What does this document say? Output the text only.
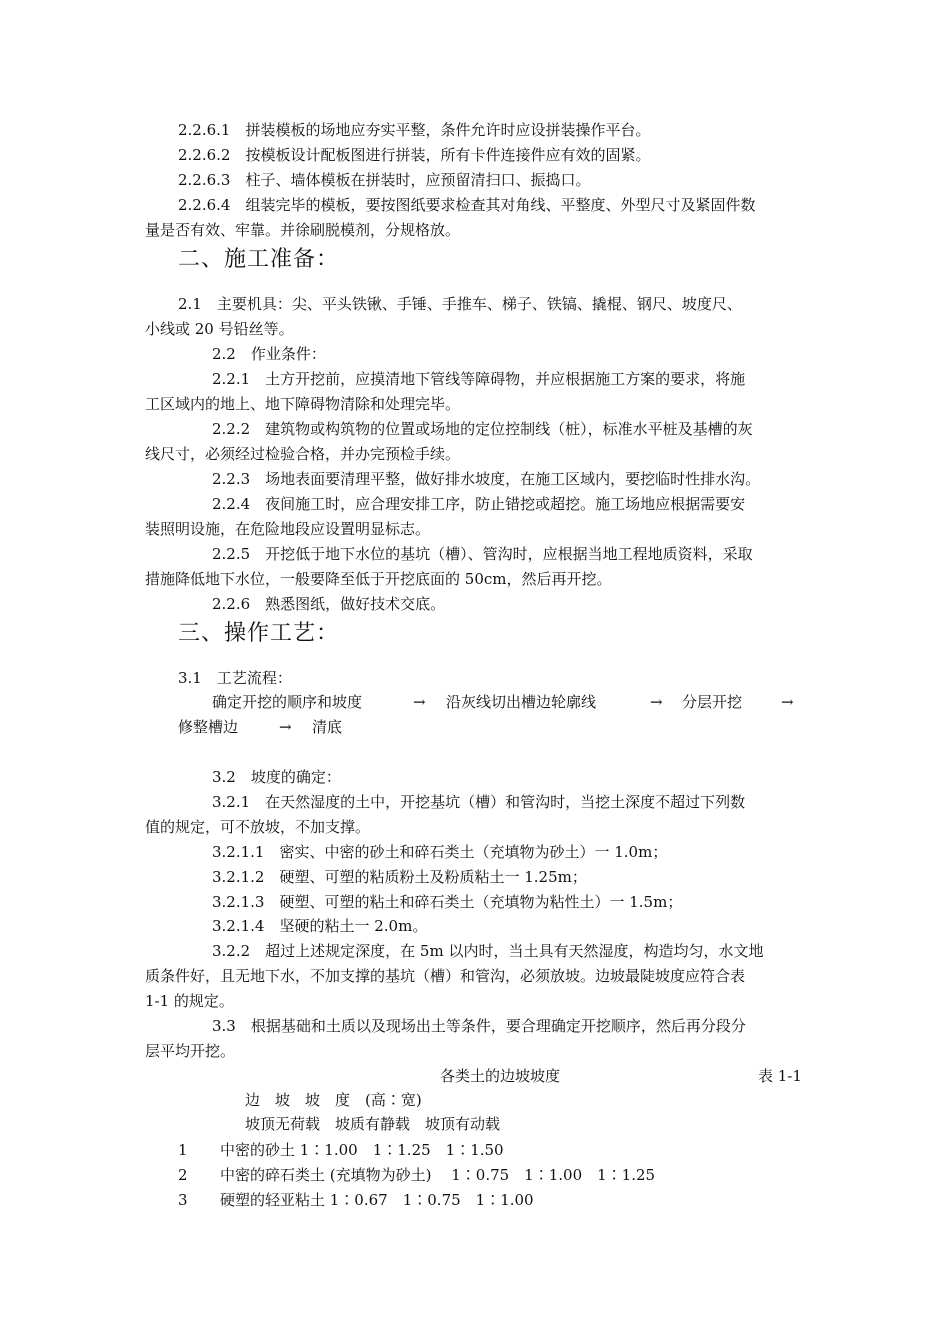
2.2.6.1　拼装模板的场地应夯实平整，条件允许时应设拼装操作平台。
2.2.6.2　按模板设计配板图进行拼装，所有卡件连接件应有效的固紧。
2.2.6.3　柱子、墙体模板在拼装时，应预留清扫口、振捣口。
2.2.6.4　组装完毕的模板，要按图纸要求检查其对角线、平整度、外型尺寸及紧固件数
量是否有效、牢靠。并徐刷脱模剂，分规格放。
二、施工准备：
2.1　主要机具：尖、平头铁锹、手锤、手推车、梯子、铁镐、撬棍、钢尺、坡度尺、
小线或 20 号铅丝等。
2.2　作业条件：
2.2.1　土方开挖前，应摸清地下管线等障碍物，并应根据施工方案的要求，将施
工区域内的地上、地下障碍物清除和处理完毕。
2.2.2　建筑物或构筑物的位置或场地的定位控制线（桩），标准水平桩及基槽的灰
线尺寸，必须经过检验合格，并办完预检手续。
2.2.3　场地表面要清理平整，做好排水坡度，在施工区域内，要挖临时性排水沟。
2.2.4　夜间施工时，应合理安排工序，防止错挖或超挖。施工场地应根据需要安
装照明设施，在危险地段应设置明显标志。
2.2.5　开挖低于地下水位的基坑（槽）、管沟时，应根据当地工程地质资料，采取
措施降低地下水位，一般要降至低于开挖底面的 50cm，然后再开挖。
2.2.6　熟悉图纸，做好技术交底。
三、操作工艺：
3.1　工艺流程：
确定开挖的顺序和坡度	→ 沿灰线切出槽边轮廓线	→ 分层开挖	→
修整槽边	→ 清底
3.2　坡度的确定：
3.2.1　在天然湿度的土中，开挖基坑（槽）和管沟时，当挖土深度不超过下列数
值的规定，可不放坡，不加支撑。
3.2.1.1　密实、中密的砂土和碎石类土（充填物为砂土）一 1.0m；
3.2.1.2　硬塑、可塑的粘质粉土及粉质粘土一 1.25m；
3.2.1.3　硬塑、可塑的粘土和碎石类土（充填物为粘性土）一 1.5m；
3.2.1.4　坚硬的粘土一 2.0m。
3.2.2　超过上述规定深度，在 5m 以内时，当土具有天然湿度，构造均匀，水文地
质条件好，且无地下水，不加支撑的基坑（槽）和管沟，必须放坡。边坡最陡坡度应符合表
1-1 的规定。
3.3　根据基础和土质以及现场出土等条件，要合理确定开挖顺序，然后再分段分
层平均开挖。
各类土的边坡坡度	表 1-1
边　坡　坡　度　(高∶宽)
坡顶无荷载　坡质有静载　坡顶有动载
1 中密的砂土 1∶1.00　1∶1.25　1∶1.50
2 中密的碎石类土 (充填物为砂土)　 1∶0.75　1∶1.00　1∶1.25
3 硬塑的轻亚粘土 1∶0.67　1∶0.75　1∶1.00
